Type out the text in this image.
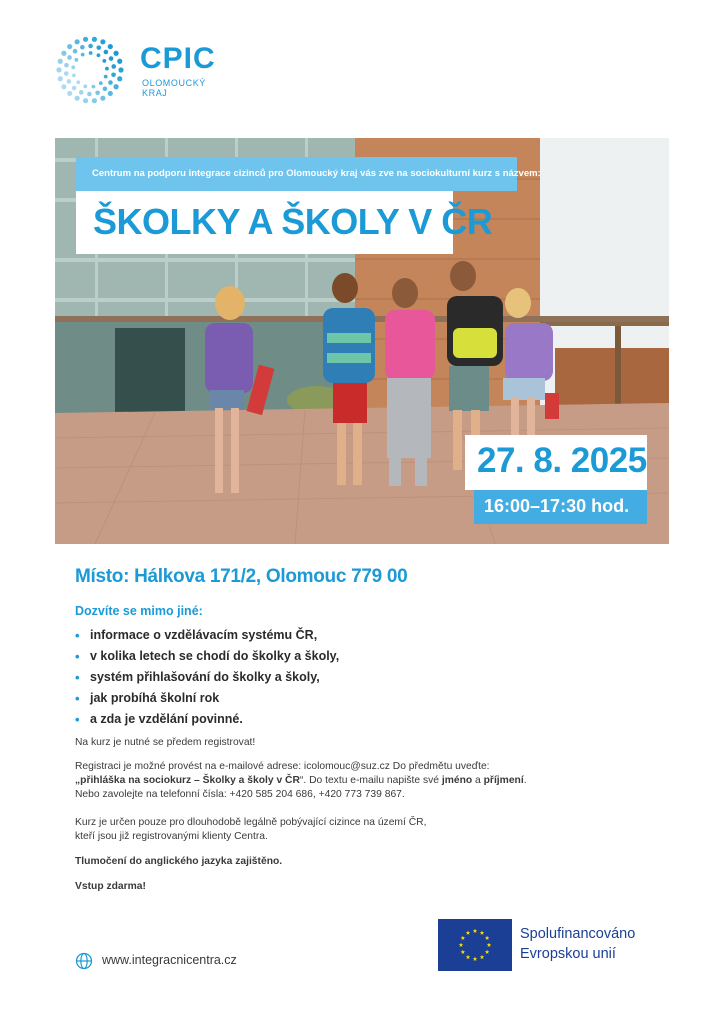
CPIC
OLOMOUCKÝ
KRAJ
Centrum na podporu integrace cizinců pro Olomoucký kraj vás zve na sociokulturní kurz s názvem:
ŠKOLKY A ŠKOLY V ČR
27. 8. 2025
16:00–17:30 hod.
Místo: Hálkova 171/2, Olomouc 779 00
Dozvíte se mimo jiné:
• informace o vzdělávacím systému ČR,
• v kolika letech se chodí do školky a školy,
• systém přihlašování do školky a školy,
• jak probíhá školní rok
• a zda je vzdělání povinné.
Na kurz je nutné se předem registrovat!
Registraci je možné provést na e-mailové adrese: icolomouc@suz.cz Do předmětu uveďte:
„přihláška na sociokurz – Školky a školy v ČR“. Do textu e-mailu napište své jméno a příjmení.
Nebo zavolejte na telefonní čísla: +420 585 204 686, +420 773 739 867.
Kurz je určen pouze pro dlouhodobě legálně pobývající cizince na území ČR,
kteří jsou již registrovanými klienty Centra.
Tlumočení do anglického jazyka zajištěno.
Vstup zdarma!
www.integracnicentra.cz
Spolufinancováno
Evropskou unií
